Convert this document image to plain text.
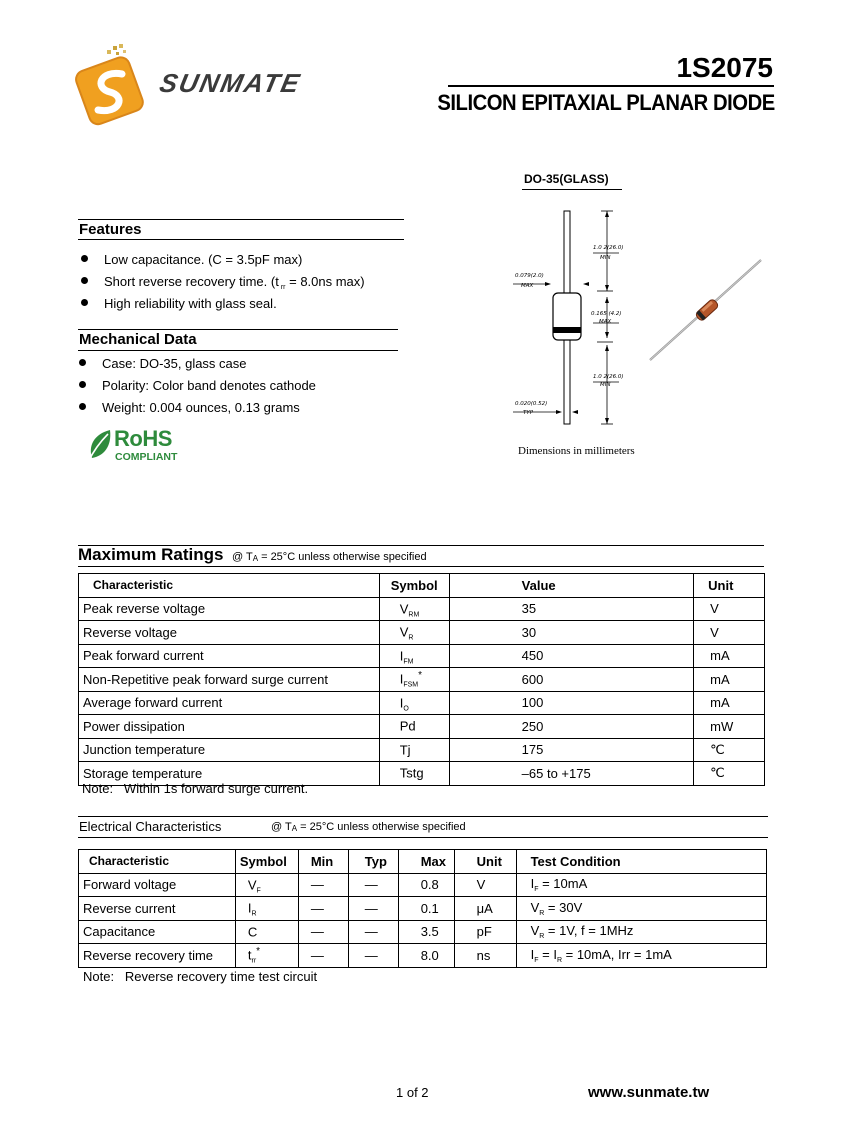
SUNMATE	1S2075
SILICON EPITAXIAL PLANAR DIODE
DO-35(GLASS)
1.0 2(26.0)
MIN
0.165 (4.2)
MAX
1.0 2(26.0)
MIN
0.079(2.0)
MAX
0.020(0.52)
TYP
Dimensions in millimeters
Features
Low capacitance. (C = 3.5pF max)
Short reverse recovery time. (t $_{rr}$ = 8.0ns max)
High reliability with glass seal.
Mechanical Data
Case: DO-35, glass case
Polarity: Color band denotes cathode
Weight: 0.004 ounces, 0.13 grams
RoHS
COMPLIANT
Maximum Ratings @ $T_A = 25^\circ C$ unless otherwise specified
Characteristic	Symbol	Value	Unit
Peak reverse voltage	$V_{RM}$	35	V
Reverse voltage	$V_R$	30	V
Peak forward current	$I_{FM}$	450	mA
Non-Repetitive peak forward surge current	$I_{FSM}^*$	600	mA
Average forward current	$I_O$	100	mA
Power dissipation	Pd	250	mW
Junction temperature	Tj	175	℃
Storage temperature	Tstg	–65 to +175	℃
Note: Within 1s forward surge current.
Electrical Characteristics	@ $T_A = 25^\circ C$ unless otherwise specified
Characteristic	Symbol	Min	Typ	Max	Unit	Test Condition
Forward voltage	$V_F$	—	—	0.8	V	$I_F = 10mA$
Reverse current	$I_R$	—	—	0.1	μA	$V_R = 30V$
Capacitance	C	—	—	3.5	pF	$V_R = 1V$, f = 1MHz
Reverse recovery time	$t_{rr}^*$	—	—	8.0	ns	$I_F = I_R = 10mA$, Irr = 1mA
Note: Reverse recovery time test circuit
1 of 2	www.sunmate.tw
